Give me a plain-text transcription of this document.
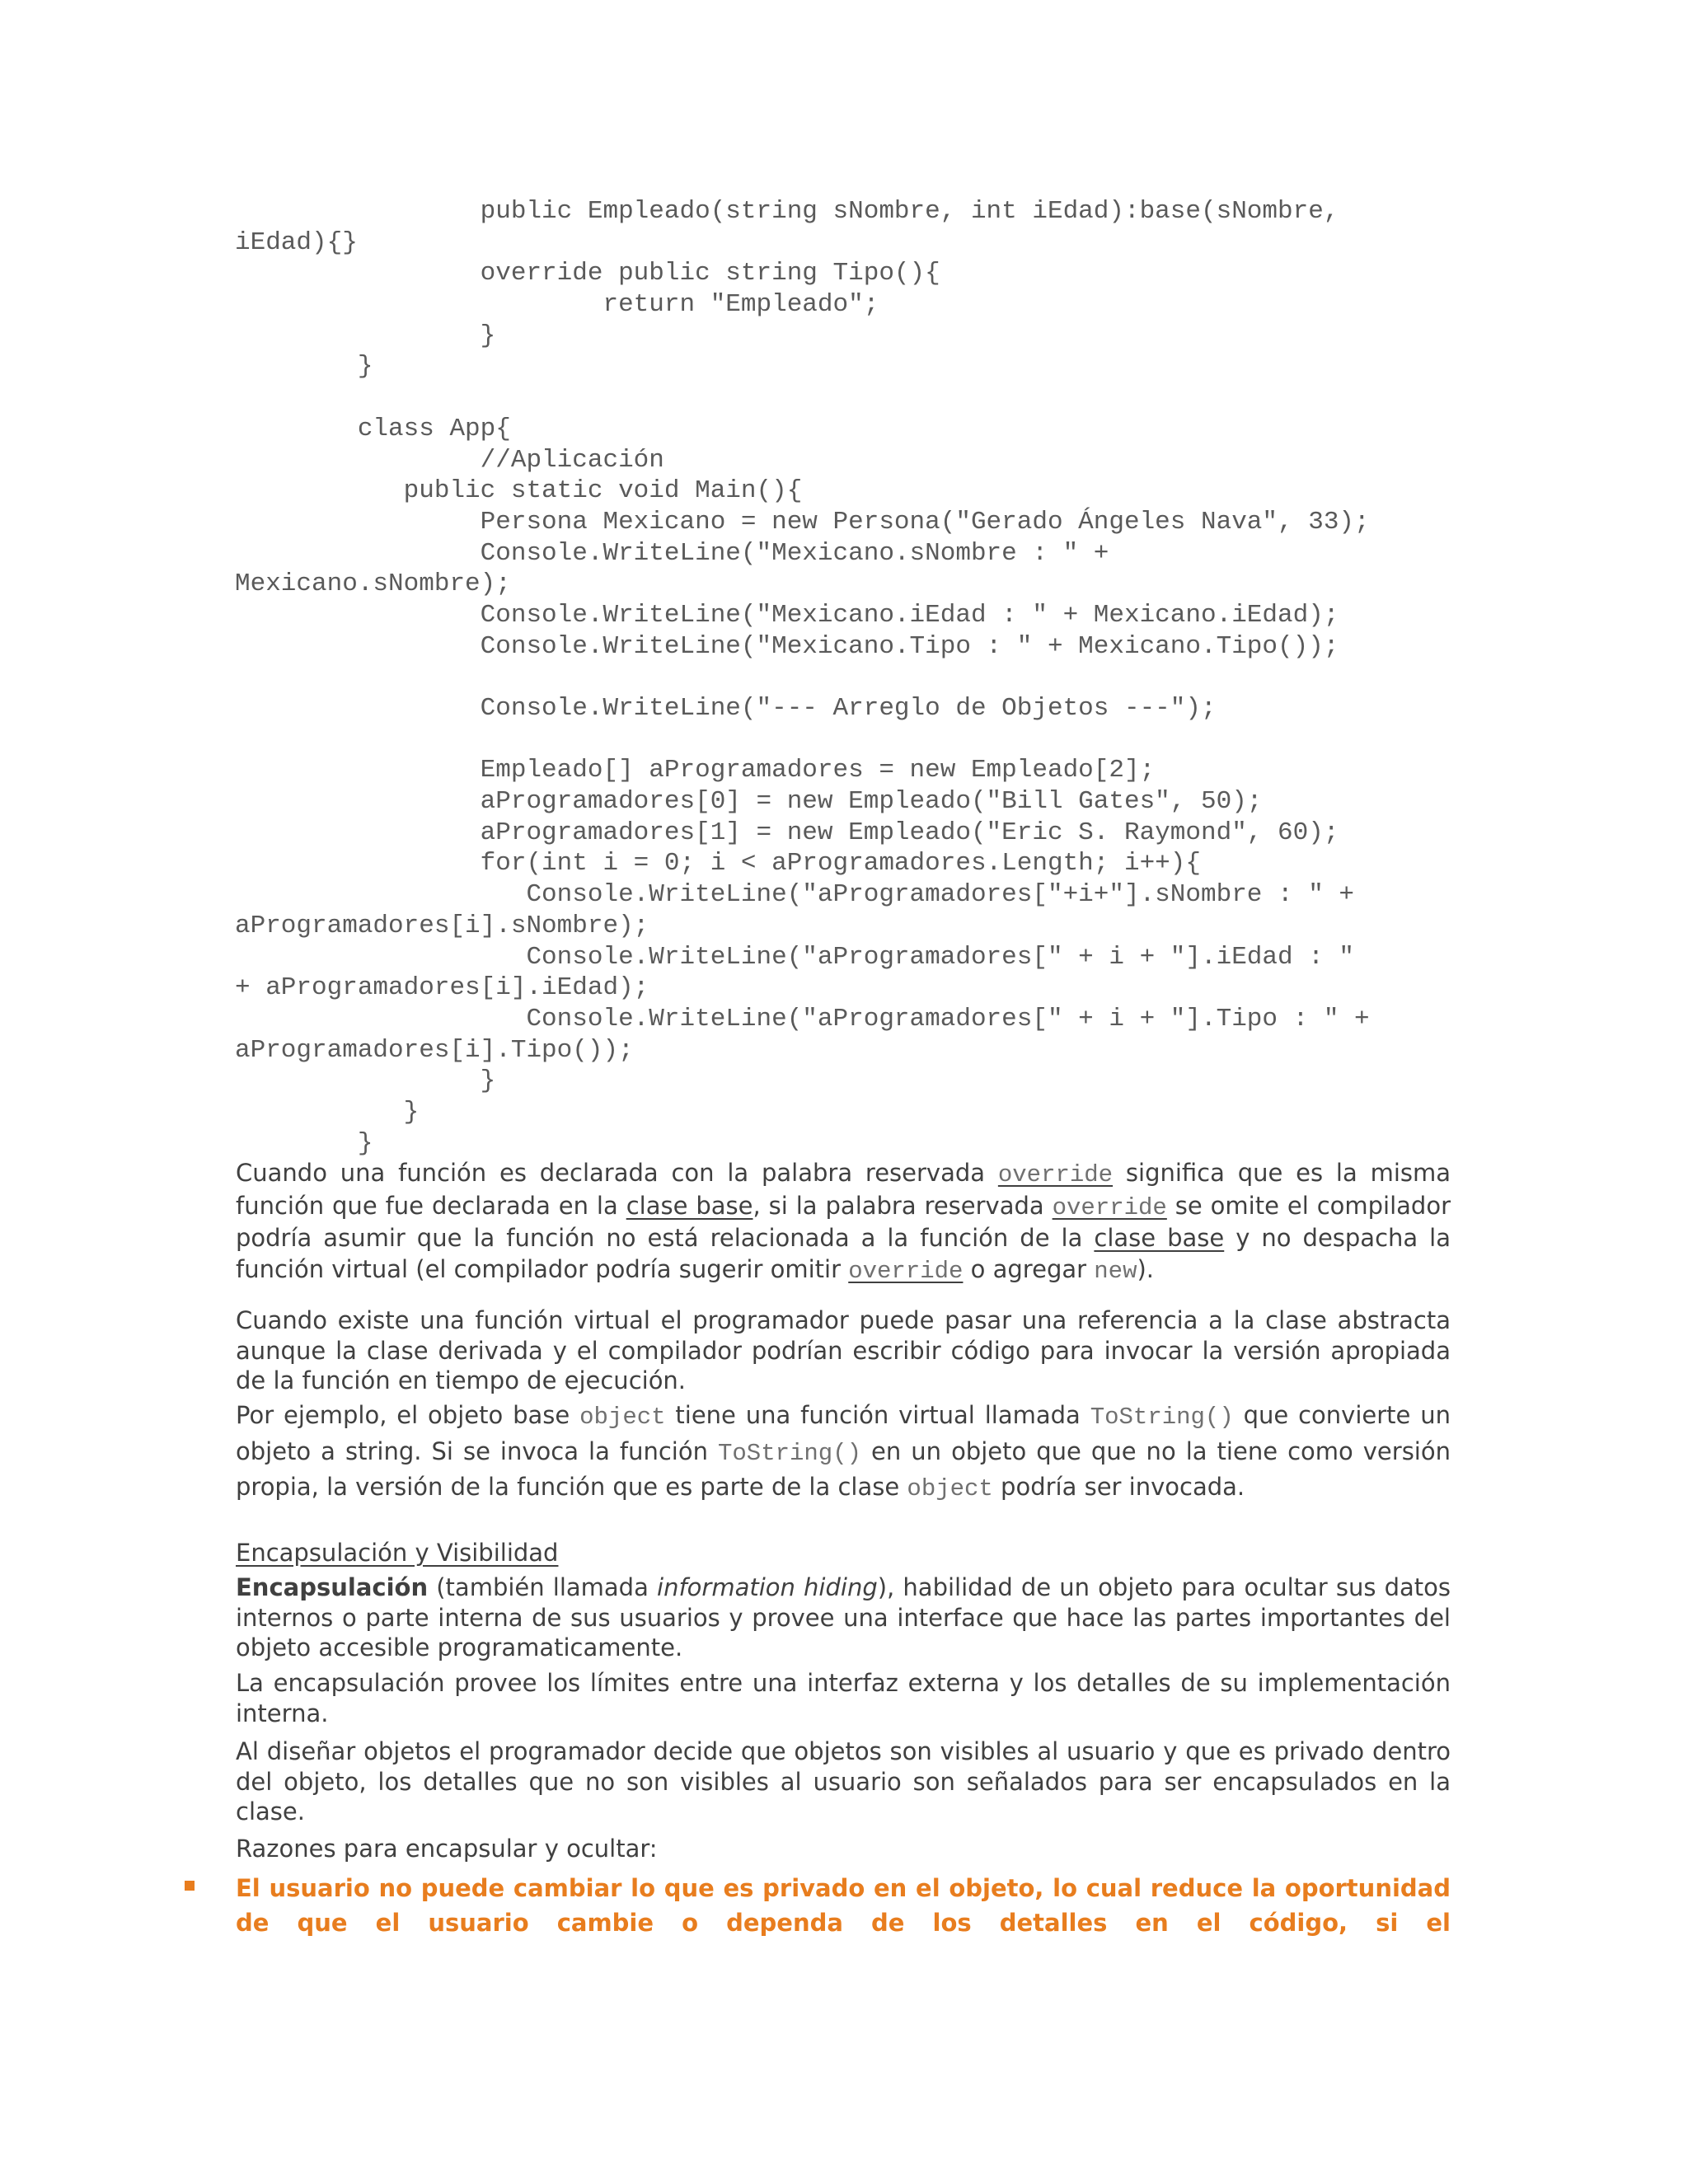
public Empleado(string sNombre, int iEdad):base(sNombre,
iEdad){}
override public string Tipo(){
return "Empleado";
}
}
class App{
//Aplicación
public static void Main(){
Persona Mexicano = new Persona("Gerado Ángeles Nava", 33);
Console.WriteLine("Mexicano.sNombre : " +
Mexicano.sNombre);
Console.WriteLine("Mexicano.iEdad : " + Mexicano.iEdad);
Console.WriteLine("Mexicano.Tipo : " + Mexicano.Tipo());
Console.WriteLine("--- Arreglo de Objetos ---");
Empleado[] aProgramadores = new Empleado[2];
aProgramadores[0] = new Empleado("Bill Gates", 50);
aProgramadores[1] = new Empleado("Eric S. Raymond", 60);
for(int i = 0; i < aProgramadores.Length; i++){
Console.WriteLine("aProgramadores["+i+"].sNombre : " +
aProgramadores[i].sNombre);
Console.WriteLine("aProgramadores[" + i + "].iEdad : "
+ aProgramadores[i].iEdad);
Console.WriteLine("aProgramadores[" + i + "].Tipo : " +
aProgramadores[i].Tipo());
}
}
}

Cuando una función es declarada con la palabra reservada override significa que es la misma función que fue declarada en la clase base, si la palabra reservada override se omite el compilador podría asumir que la función no está relacionada a la función de la clase base y no despacha la función virtual (el compilador podría sugerir omitir override o agregar new).

Cuando existe una función virtual el programador puede pasar una referencia a la clase abstracta aunque la clase derivada y el compilador podrían escribir código para invocar la versión apropiada de la función en tiempo de ejecución.

Por ejemplo, el objeto base object tiene una función virtual llamada ToString() que convierte un objeto a string. Si se invoca la función ToString() en un objeto que que no la tiene como versión propia, la versión de la función que es parte de la clase object podría ser invocada.

Encapsulación y Visibilidad

Encapsulación (también llamada information hiding), habilidad de un objeto para ocultar sus datos internos o parte interna de sus usuarios y provee una interface que hace las partes importantes del objeto accesible programaticamente.

La encapsulación provee los límites entre una interfaz externa y los detalles de su implementación interna.

Al diseñar objetos el programador decide que objetos son visibles al usuario y que es privado dentro del objeto, los detalles que no son visibles al usuario son señalados para ser encapsulados en la clase.

Razones para encapsular y ocultar:

El usuario no puede cambiar lo que es privado en el objeto, lo cual reduce la oportunidad de que el usuario cambie o dependa de los detalles en el código, si el
